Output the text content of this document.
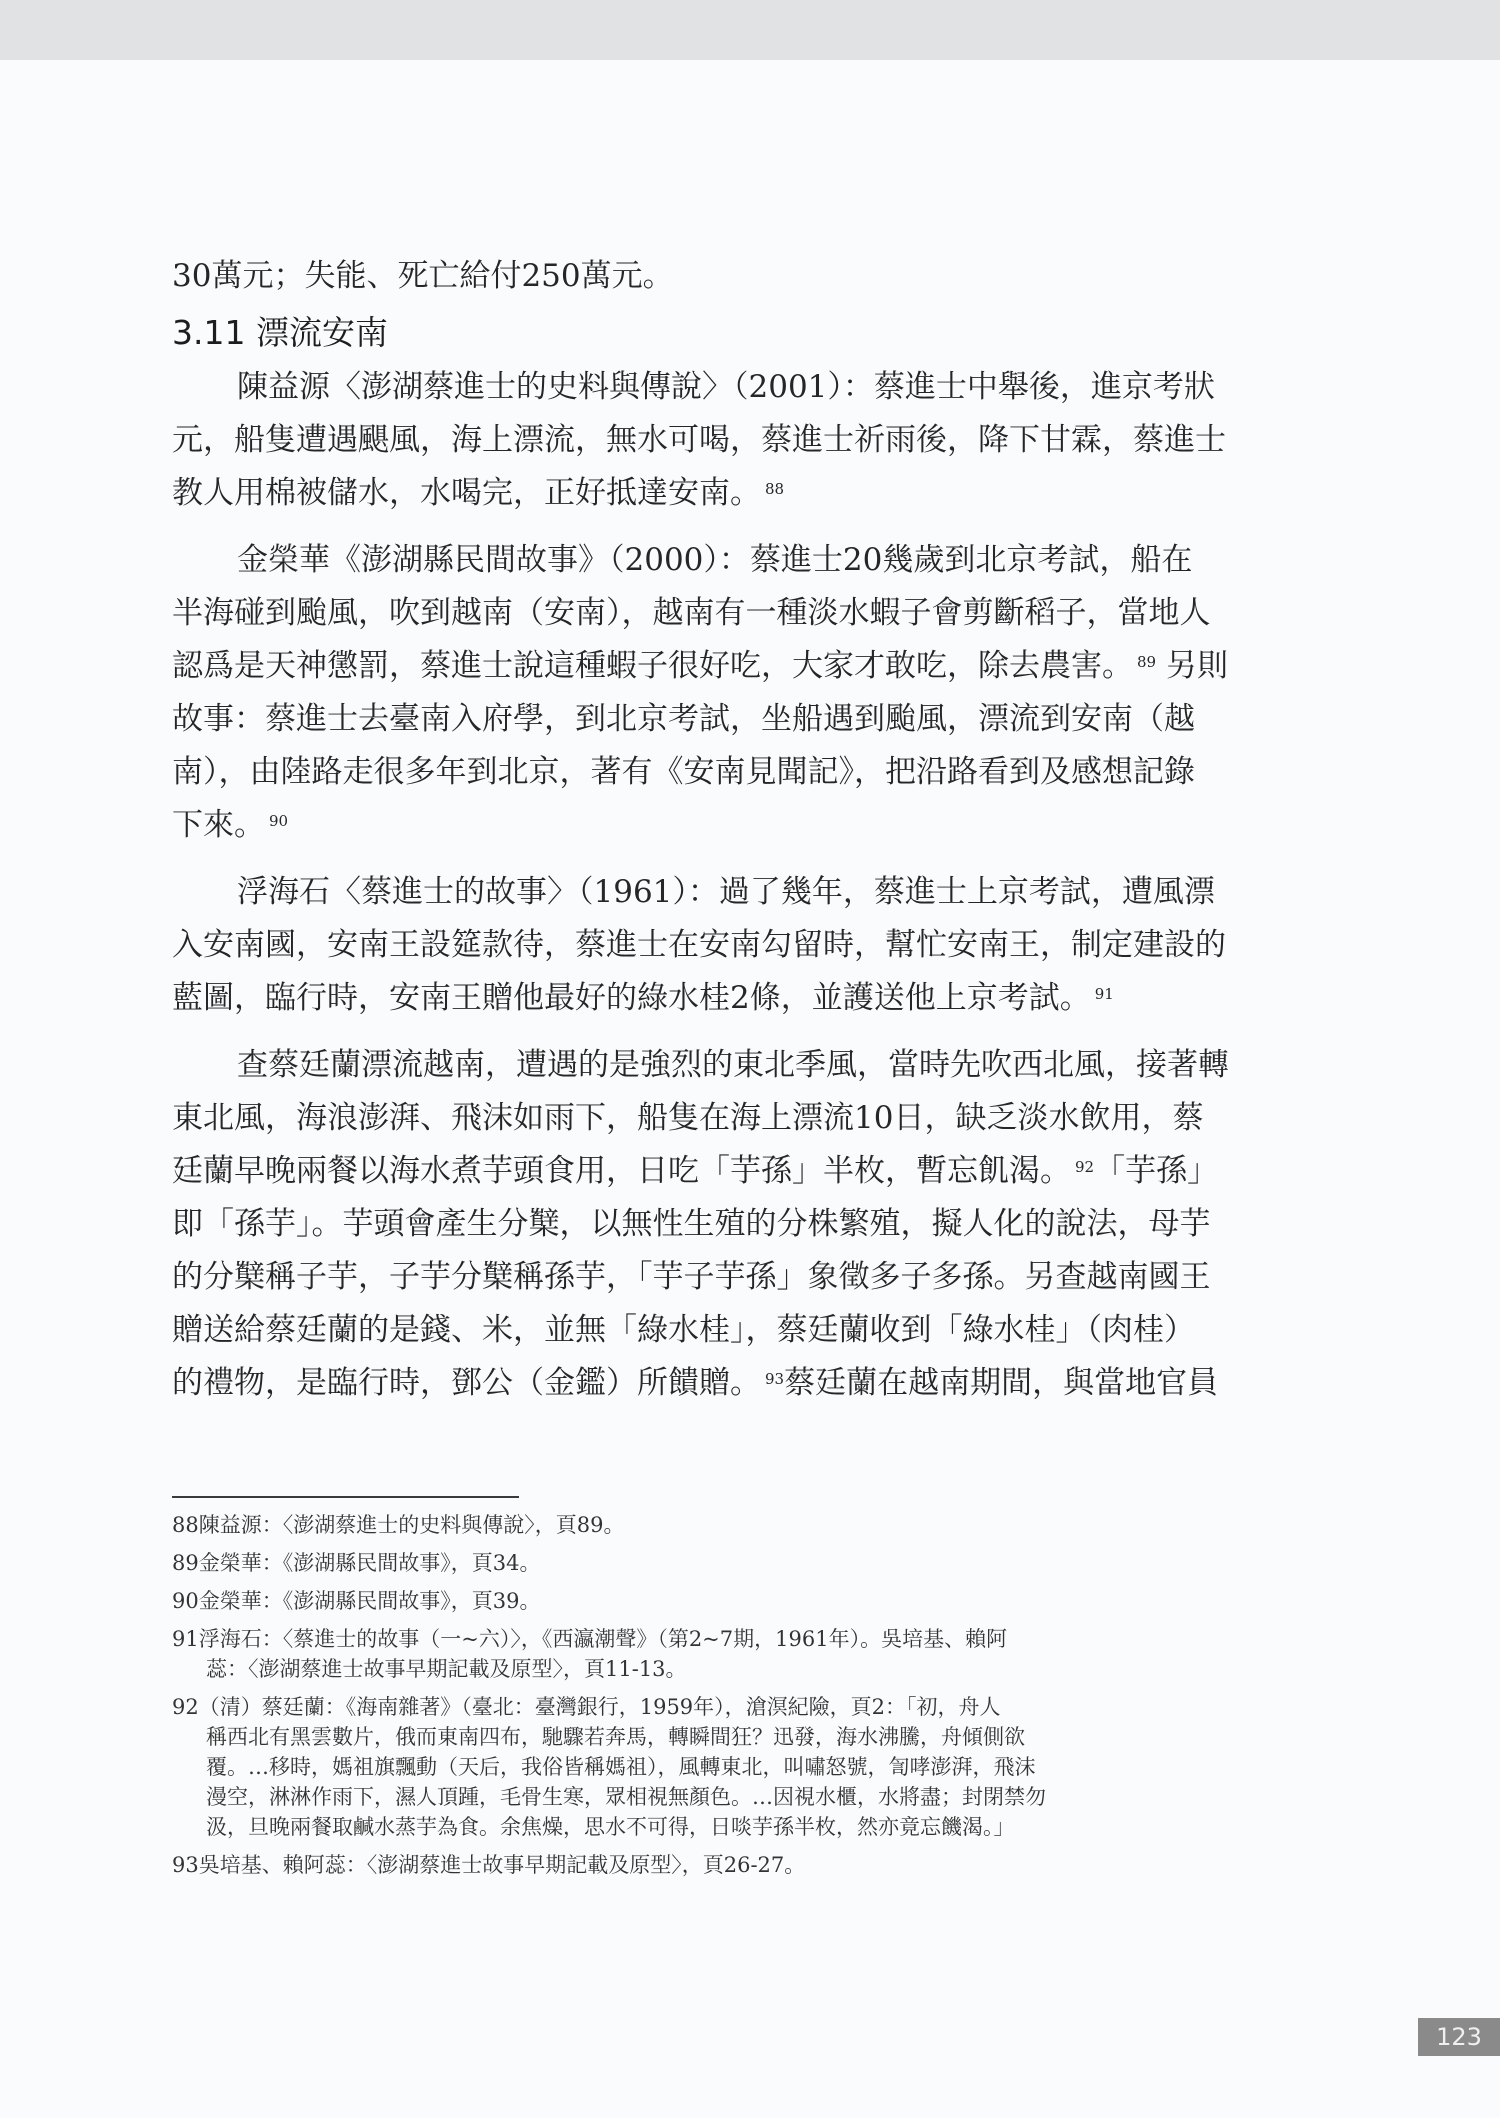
30萬元；失能、死亡給付250萬元。

3.11 漂流安南

陳益源〈澎湖蔡進士的史料與傳說〉（2001）：蔡進士中舉後，進京考狀

元，船隻遭遇颶風，海上漂流，無水可喝，蔡進士祈雨後，降下甘霖，蔡進士

教人用棉被儲水，水喝完，正好抵達安南。 $^{88}$

金榮華《澎湖縣民間故事》（2000）：蔡進士20幾歲到北京考試，船在

半海碰到颱風，吹到越南（安南），越南有一種淡水蝦子會剪斷稻子，當地人

認爲是天神懲罰，蔡進士說這種蝦子很好吃，大家才敢吃，除去農害。 $^{89}$ 另則

故事：蔡進士去臺南入府學，到北京考試，坐船遇到颱風，漂流到安南（越

南），由陸路走很多年到北京，著有《安南見聞記》，把沿路看到及感想記錄

下來。 $^{90}$

浮海石〈蔡進士的故事〉（1961）：過了幾年，蔡進士上京考試，遭風漂

入安南國，安南王設筵款待，蔡進士在安南勾留時，幫忙安南王，制定建設的

藍圖，臨行時，安南王贈他最好的綠水桂2條，並護送他上京考試。 $^{91}$

查蔡廷蘭漂流越南，遭遇的是強烈的東北季風，當時先吹西北風，接著轉

東北風，海浪澎湃、飛沫如雨下，船隻在海上漂流10日，缺乏淡水飲用，蔡

廷蘭早晚兩餐以海水煮芋頭食用，日吃「芋孫」半枚，暫忘飢渴。 $^{92}$「芋孫」

即「孫芋」。芋頭會產生分櫱，以無性生殖的分株繁殖，擬人化的說法，母芋

的分櫱稱子芋，子芋分櫱稱孫芋，「芋子芋孫」象徵多子多孫。另查越南國王

贈送給蔡廷蘭的是錢、米，並無「綠水桂」，蔡廷蘭收到「綠水桂」（肉桂）

的禮物，是臨行時，鄧公（金鑑）所饋贈。 $^{93}$蔡廷蘭在越南期間，與當地官員

88陳益源：〈澎湖蔡進士的史料與傳說〉，頁89。
89金榮華：《澎湖縣民間故事》，頁34。
90金榮華：《澎湖縣民間故事》，頁39。
91浮海石：〈蔡進士的故事（一~六）〉，《西瀛潮聲》（第2~7期，1961年）。吳培基、賴阿
蕊：〈澎湖蔡進士故事早期記載及原型〉，頁11-13。
92（清）蔡廷蘭：《海南雜著》（臺北：臺灣銀行，1959年），滄溟紀險，頁2：「初，舟人
稱西北有黑雲數片，俄而東南四布，馳驟若奔馬，轉瞬間狂？迅發，海水沸騰，舟傾側欲
覆。…移時，媽祖旗飄動（天后，我俗皆稱媽祖），風轉東北，叫嘯怒號，訇哮澎湃，飛沫
漫空，淋淋作雨下，濕人頂踵，毛骨生寒，眾相視無顏色。…因視水櫃，水將盡；封閉禁勿
汲，旦晚兩餐取鹹水蒸芋為食。余焦燥，思水不可得，日啖芋孫半枚，然亦竟忘饑渴。」
93吳培基、賴阿蕊：〈澎湖蔡進士故事早期記載及原型〉，頁26-27。
123
